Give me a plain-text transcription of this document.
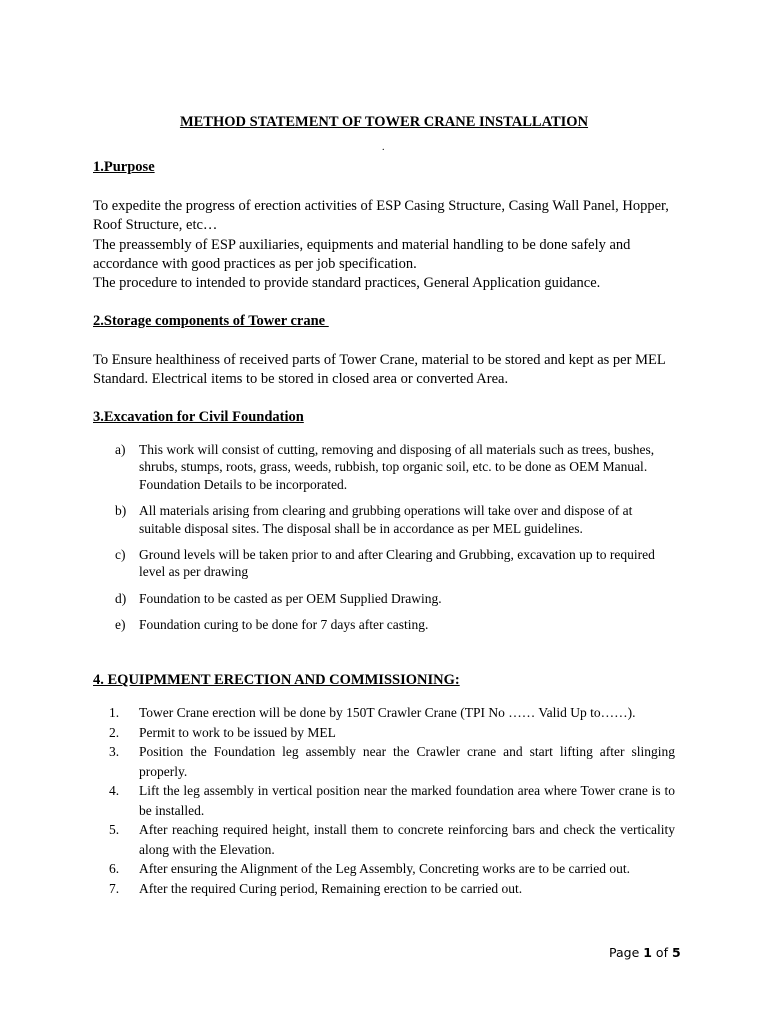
METHOD STATEMENT OF TOWER CRANE INSTALLATION
.
1.Purpose

To expedite the progress of erection activities of ESP Casing Structure, Casing Wall Panel, Hopper, Roof Structure, etc…

The preassembly of ESP auxiliaries, equipments and material handling to be done safely and accordance with good practices as per job specification.

The procedure to intended to provide standard practices, General Application guidance.

2.Storage components of Tower crane

To Ensure healthiness of received parts of Tower Crane, material to be stored and kept as per MEL Standard. Electrical items to be stored in closed area or converted Area.

3.Excavation for Civil Foundation
a) This work will consist of cutting, removing and disposing of all materials such as trees, bushes, shrubs, stumps, roots, grass, weeds, rubbish, top organic soil, etc. to be done as OEM Manual. Foundation Details to be incorporated.
b) All materials arising from clearing and grubbing operations will take over and dispose of at suitable disposal sites. The disposal shall be in accordance as per MEL guidelines.
c) Ground levels will be taken prior to and after Clearing and Grubbing, excavation up to required level as per drawing
d) Foundation to be casted as per OEM Supplied Drawing.
e) Foundation curing to be done for 7 days after casting.
4. EQUIPMMENT ERECTION AND COMMISSIONING:
1. Tower Crane erection will be done by 150T Crawler Crane (TPI No …… Valid Up to……).
2. Permit to work to be issued by MEL
3. Position the Foundation leg assembly near the Crawler crane and start lifting after slinging properly.
4. Lift the leg assembly in vertical position near the marked foundation area where Tower crane is to be installed.
5. After reaching required height, install them to concrete reinforcing bars and check the verticality along with the Elevation.
6. After ensuring the Alignment of the Leg Assembly, Concreting works are to be carried out.
7. After the required Curing period, Remaining erection to be carried out.
Page 1 of 5
